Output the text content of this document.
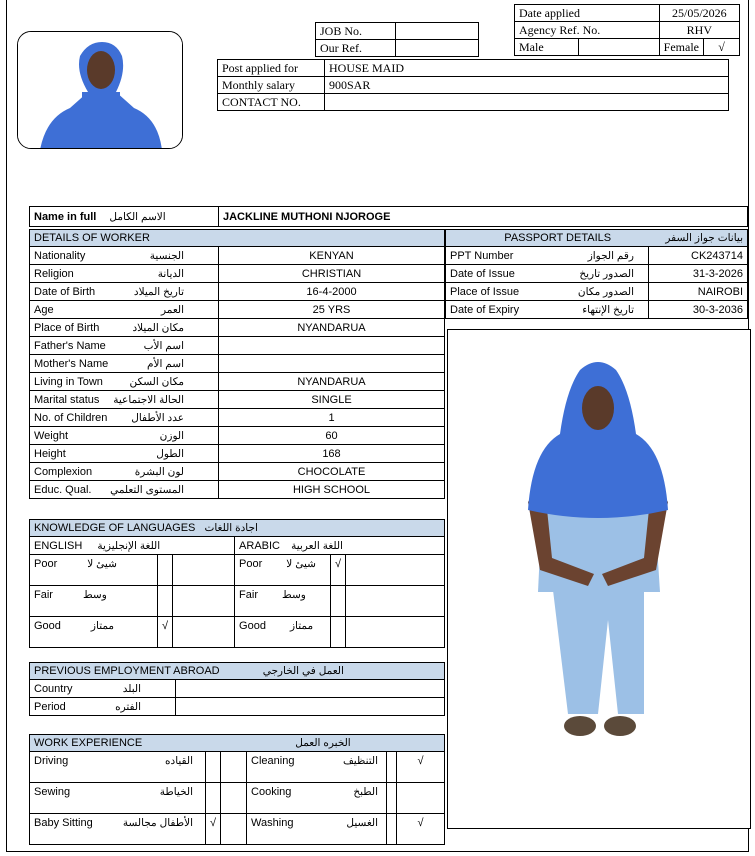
JOB No.	
Our Ref.	
Date applied		25/05/2026	
Agency Ref. No.		RHV	
Male		Female	√
Post applied for	HOUSE MAID
Monthly salary	900SAR
CONTACT NO.	
Name in full الاسم الكامل	JACKLINE MUTHONI NJOROGE
DETAILS OF WORKER	
Nationality الجنسية	KENYAN
Religion الديانة	CHRISTIAN
Date of Birth تاريخ الميلاد	16-4-2000
Age العمر	25 YRS
Place of Birth مكان الميلاد	NYANDARUA
Father's Name اسم الأب	

Mother's Name اسم الأم	

Living in Town مكان السكن	NYANDARUA
Marital status الحالة الاجتماعية	SINGLE
No. of Children عدد الأطفال	1
Weight الوزن	60
Height الطول	168
Complexion لون البشرة	CHOCOLATE
Educ. Qual. المستوى التعلمي	HIGH SCHOOL
PASSPORT DETAILS بيانات جواز السفر	

PPT Number رقم الجواز	CK243714
Date of Issue الصدور تاريخ	31-3-2026
Place of Issue الصدور مكان	NAIROBI
Date of Expiry تاريخ الإنتهاء	30-3-2036
KNOWLEDGE OF LANGUAGES اجادة اللغات					
ENGLISH اللغة الإنجليزية			ARABIC اللغة العربية		
Poor شيئ لا			Poor شيئ لا	√	
Fair وسط			Fair وسط		
Good ممتاز	√		Good ممتاز		
PREVIOUS EMPLOYMENT ABROAD العمل في الخارجي	
Country البلد	

Period الفتره	

WORK EXPERIENCE الخبره العمل					
Driving القياده			Cleaning التنظيف		√
Sewing الخياطة			Cooking الطبخ		

Baby Sitting الأطفال مجالسة	√		Washing الغسيل		√
